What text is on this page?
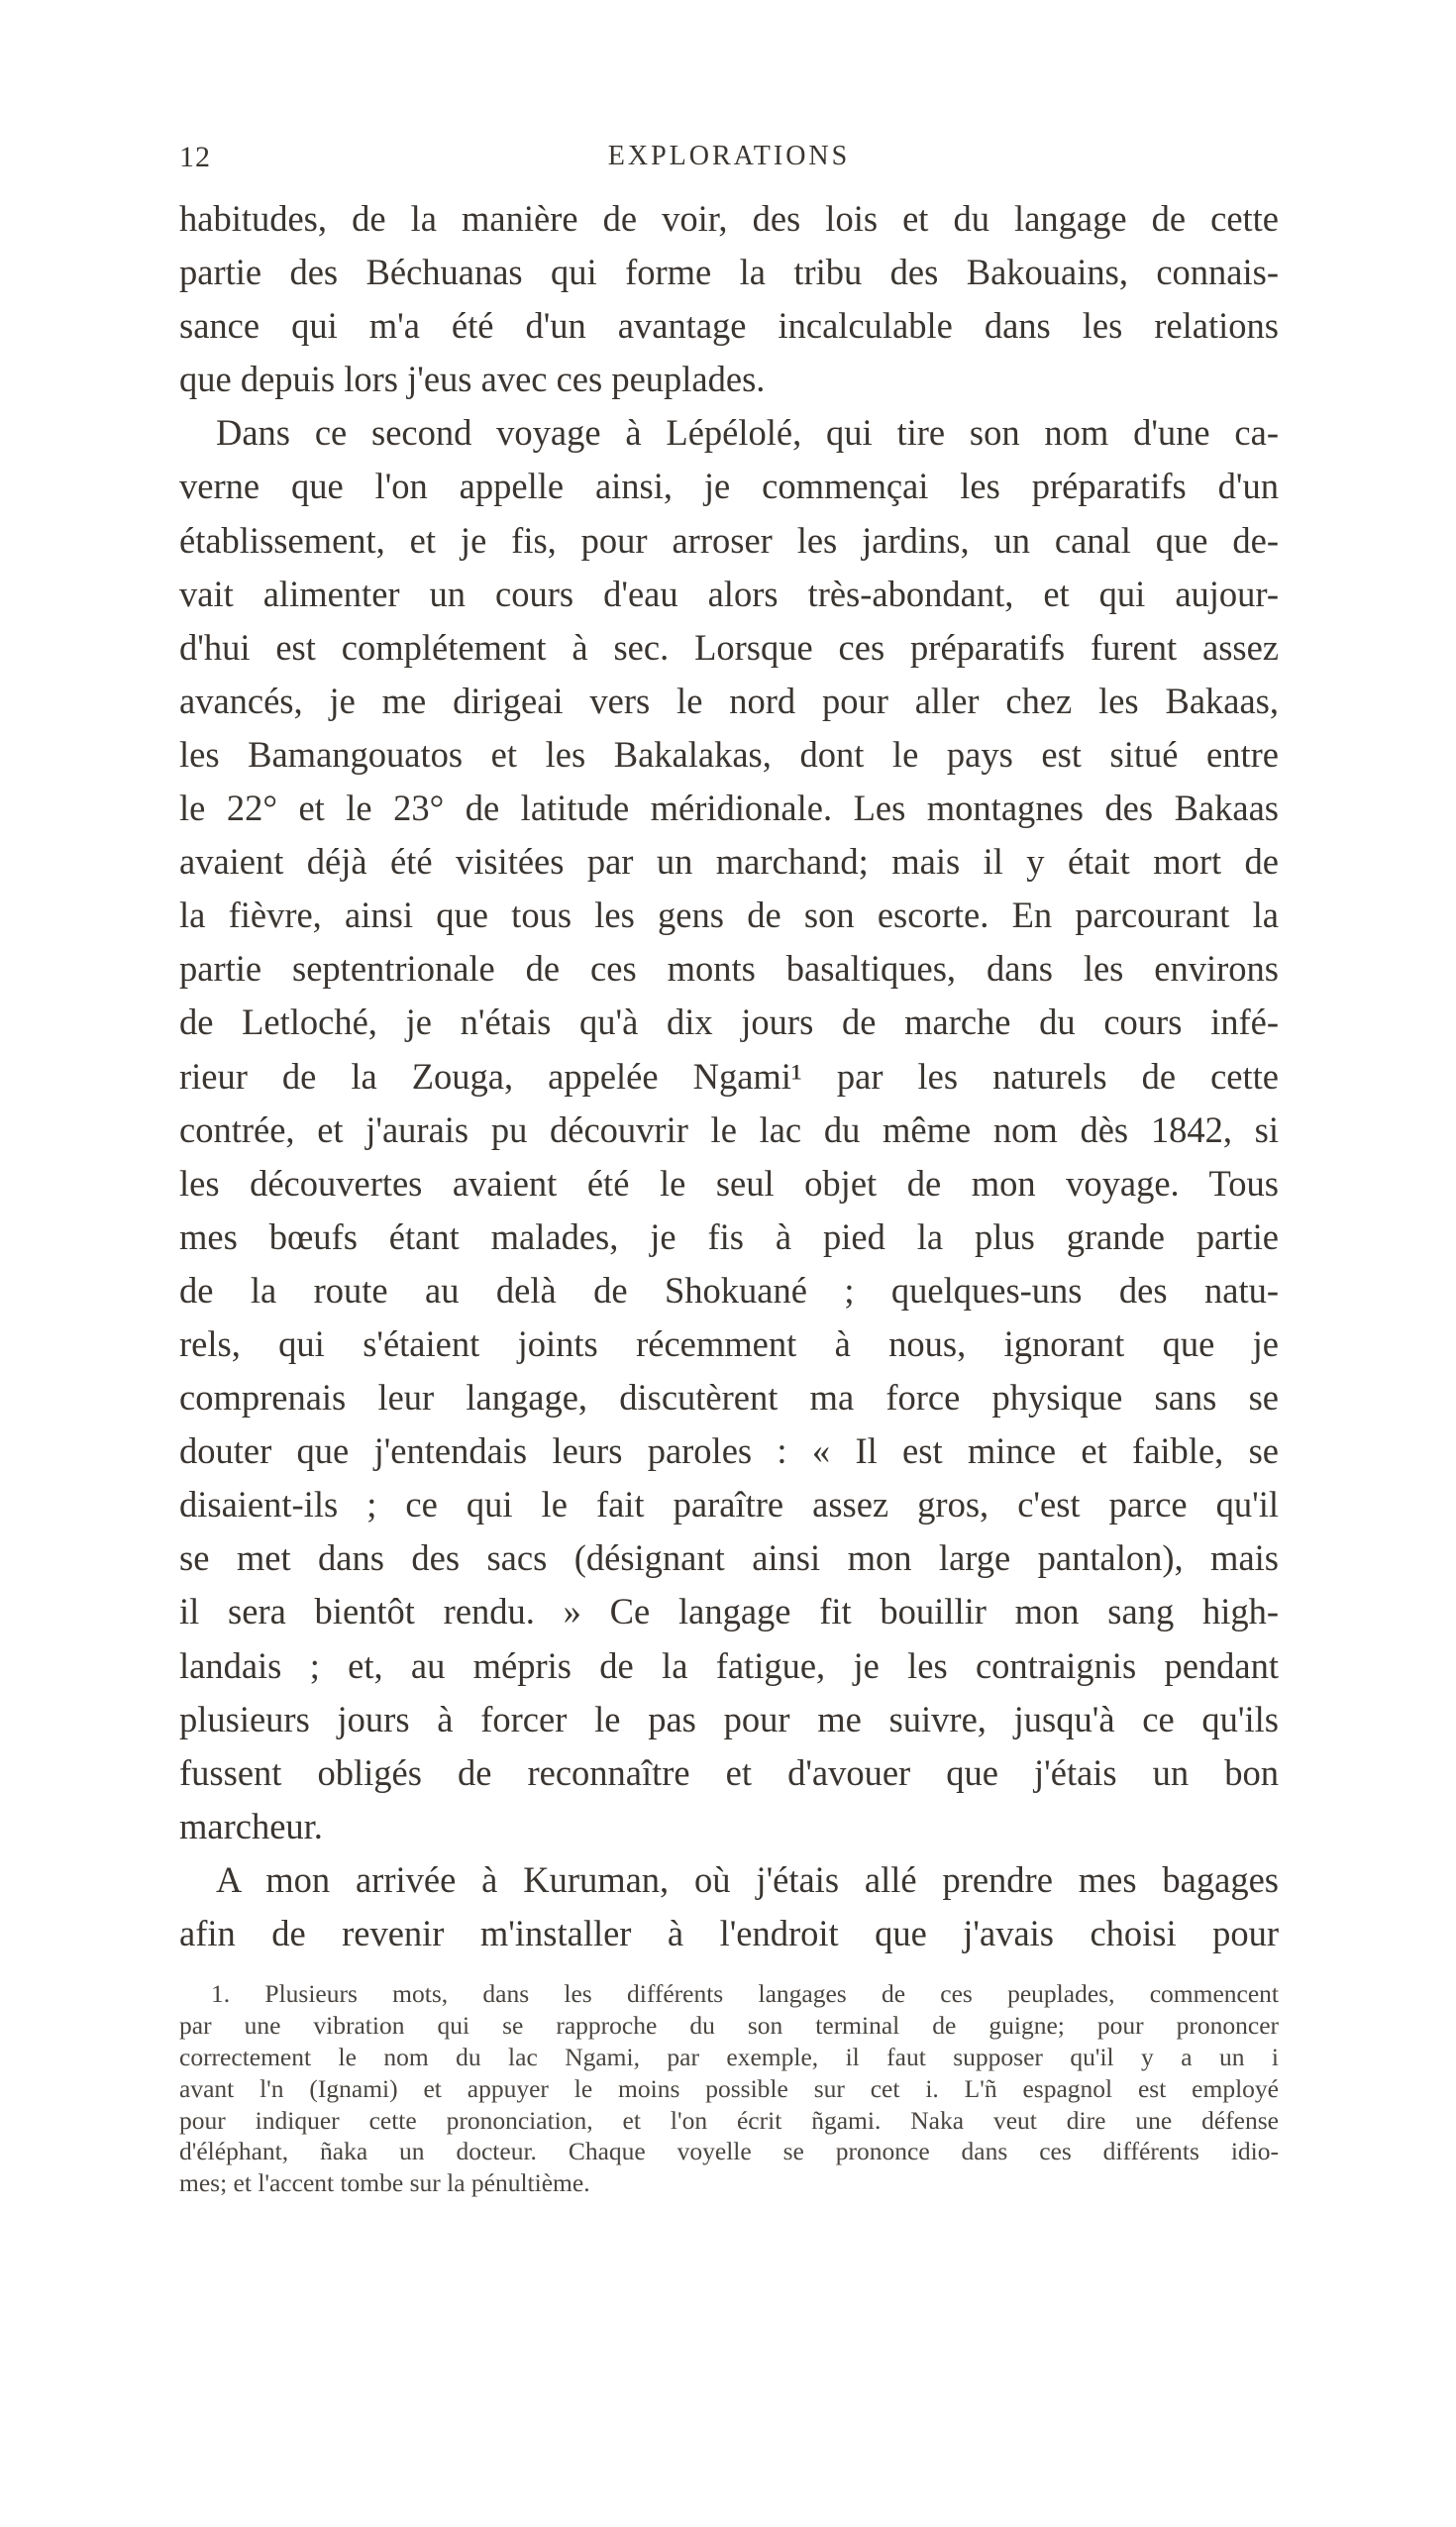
12	EXPLORATIONS
habitudes, de la manière de voir, des lois et du langage de cette
partie des Béchuanas qui forme la tribu des Bakouains, connais-
sance qui m'a été d'un avantage incalculable dans les relations
que depuis lors j'eus avec ces peuplades.
Dans ce second voyage à Lépélolé, qui tire son nom d'une ca-
verne que l'on appelle ainsi, je commençai les préparatifs d'un
établissement, et je fis, pour arroser les jardins, un canal que de-
vait alimenter un cours d'eau alors très-abondant, et qui aujour-
d'hui est complétement à sec. Lorsque ces préparatifs furent assez
avancés, je me dirigeai vers le nord pour aller chez les Bakaas,
les Bamangouatos et les Bakalakas, dont le pays est situé entre
le 22° et le 23° de latitude méridionale. Les montagnes des Bakaas
avaient déjà été visitées par un marchand; mais il y était mort de
la fièvre, ainsi que tous les gens de son escorte. En parcourant la
partie septentrionale de ces monts basaltiques, dans les environs
de Letloché, je n'étais qu'à dix jours de marche du cours infé-
rieur de la Zouga, appelée Ngami¹ par les naturels de cette
contrée, et j'aurais pu découvrir le lac du même nom dès 1842, si
les découvertes avaient été le seul objet de mon voyage. Tous
mes bœufs étant malades, je fis à pied la plus grande partie
de la route au delà de Shokuané ; quelques-uns des natu-
rels, qui s'étaient joints récemment à nous, ignorant que je
comprenais leur langage, discutèrent ma force physique sans se
douter que j'entendais leurs paroles : « Il est mince et faible, se
disaient-ils ; ce qui le fait paraître assez gros, c'est parce qu'il
se met dans des sacs (désignant ainsi mon large pantalon), mais
il sera bientôt rendu. » Ce langage fit bouillir mon sang high-
landais ; et, au mépris de la fatigue, je les contraignis pendant
plusieurs jours à forcer le pas pour me suivre, jusqu'à ce qu'ils
fussent obligés de reconnaître et d'avouer que j'étais un bon
marcheur.
A mon arrivée à Kuruman, où j'étais allé prendre mes bagages
afin de revenir m'installer à l'endroit que j'avais choisi pour
1. Plusieurs mots, dans les différents langages de ces peuplades, commencent
par une vibration qui se rapproche du son terminal de guigne; pour prononcer
correctement le nom du lac Ngami, par exemple, il faut supposer qu'il y a un i
avant l'n (Ignami) et appuyer le moins possible sur cet i. L'ñ espagnol est employé
pour indiquer cette prononciation, et l'on écrit ñgami. Naka veut dire une défense
d'éléphant, ñaka un docteur. Chaque voyelle se prononce dans ces différents idio-
mes; et l'accent tombe sur la pénultième.
